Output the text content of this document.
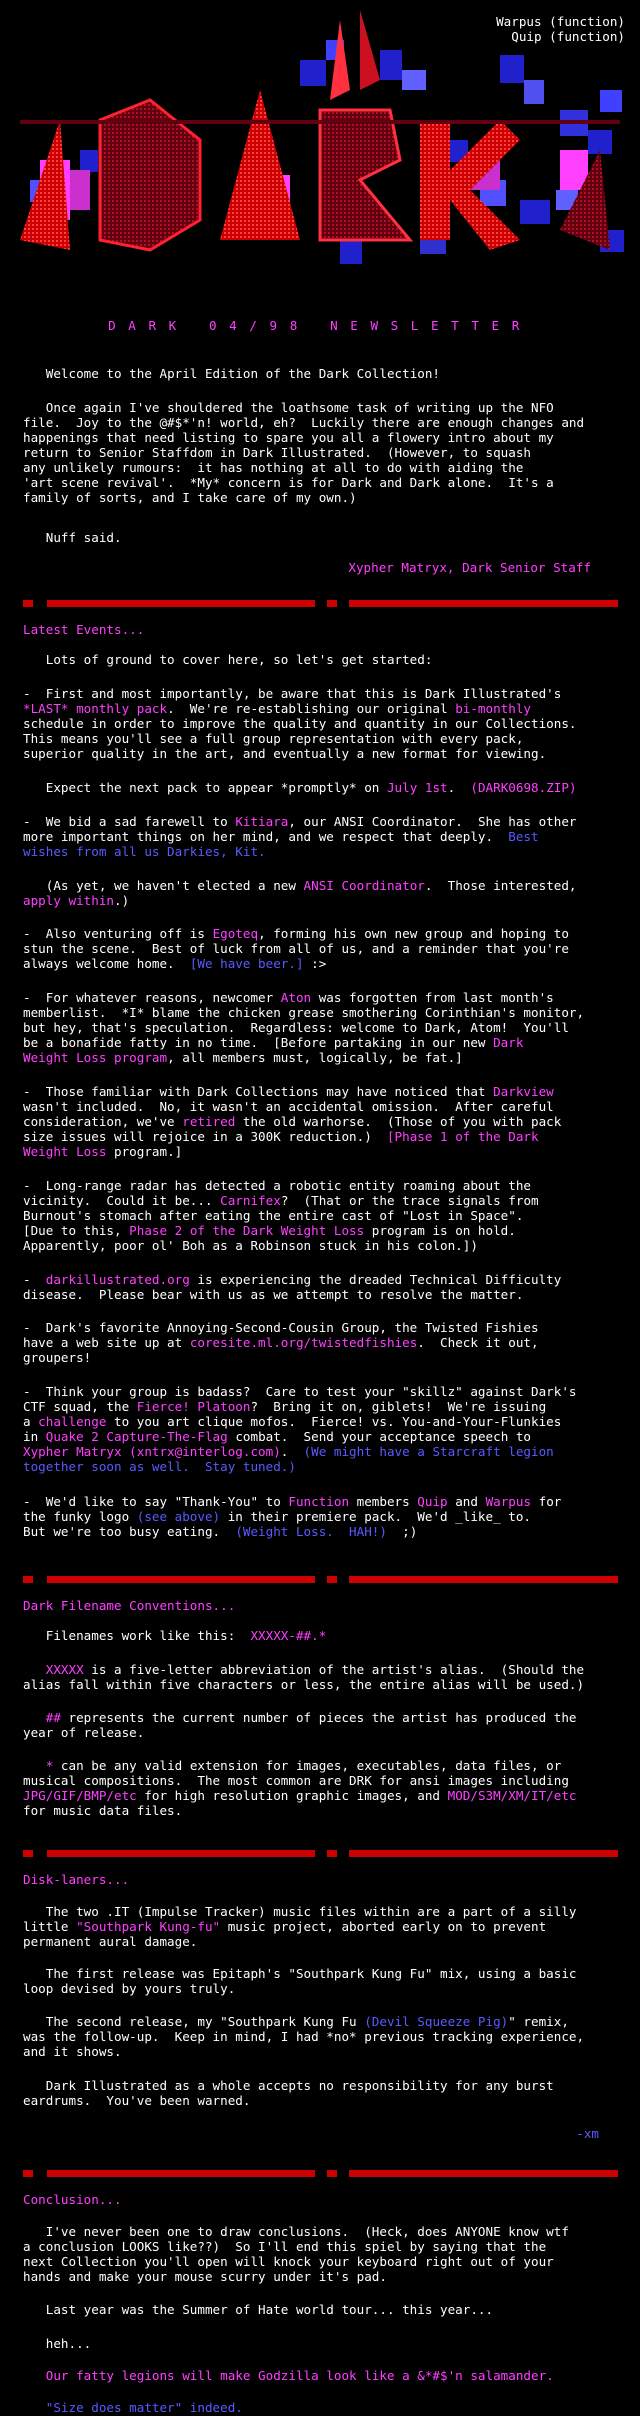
Warpus (function)
Quip (function)
DARK 04/98 NEWSLETTER
Welcome to the April Edition of the Dark Collection!
Once again I've shouldered the loathsome task of writing up the NFO
file.  Joy to the @#$*'n! world, eh?  Luckily there are enough changes and
happenings that need listing to spare you all a flowery intro about my
return to Senior Staffdom in Dark Illustrated.  (However, to squash
any unlikely rumours:  it has nothing at all to do with aiding the
'art scene revival'.  *My* concern is for Dark and Dark alone.  It's a
family of sorts, and I take care of my own.)
Nuff said.
Xypher Matryx, Dark Senior Staff
Latest Events...
Lots of ground to cover here, so let's get started:
-  First and most importantly, be aware that this is Dark Illustrated's
*LAST* monthly pack.  We're re-establishing our original bi-monthly
schedule in order to improve the quality and quantity in our Collections.
This means you'll see a full group representation with every pack,
superior quality in the art, and eventually a new format for viewing.
Expect the next pack to appear *promptly* on July 1st.  (DARK0698.ZIP)
-  We bid a sad farewell to Kitiara, our ANSI Coordinator.  She has other
more important things on her mind, and we respect that deeply.  Best
wishes from all us Darkies, Kit.
(As yet, we haven't elected a new ANSI Coordinator.  Those interested,
apply within.)
-  Also venturing off is Egoteq, forming his own new group and hoping to
stun the scene.  Best of luck from all of us, and a reminder that you're
always welcome home.  [We have beer.] :>
-  For whatever reasons, newcomer Aton was forgotten from last month's
memberlist.  *I* blame the chicken grease smothering Corinthian's monitor,
but hey, that's speculation.  Regardless: welcome to Dark, Atom!  You'll
be a bonafide fatty in no time.  [Before partaking in our new Dark
Weight Loss program, all members must, logically, be fat.]
-  Those familiar with Dark Collections may have noticed that Darkview
wasn't included.  No, it wasn't an accidental omission.  After careful
consideration, we've retired the old warhorse.  (Those of you with pack
size issues will rejoice in a 300K reduction.)  [Phase 1 of the Dark
Weight Loss program.]
-  Long-range radar has detected a robotic entity roaming about the
vicinity.  Could it be... Carnifex?  (That or the trace signals from
Burnout's stomach after eating the entire cast of "Lost in Space".
[Due to this, Phase 2 of the Dark Weight Loss program is on hold.
Apparently, poor ol' Boh as a Robinson stuck in his colon.])
-  darkillustrated.org is experiencing the dreaded Technical Difficulty
disease.  Please bear with us as we attempt to resolve the matter.
-  Dark's favorite Annoying-Second-Cousin Group, the Twisted Fishies
have a web site up at coresite.ml.org/twistedfishies.  Check it out,
groupers!
-  Think your group is badass?  Care to test your "skillz" against Dark's
CTF squad, the Fierce! Platoon?  Bring it on, giblets!  We're issuing
a challenge to you art clique mofos.  Fierce! vs. You-and-Your-Flunkies
in Quake 2 Capture-The-Flag combat.  Send your acceptance speech to
Xypher Matryx (xntrx@interlog.com).  (We might have a Starcraft legion
together soon as well.  Stay tuned.)
-  We'd like to say "Thank-You" to Function members Quip and Warpus for
the funky logo (see above) in their premiere pack.  We'd _like_ to.
But we're too busy eating.  (Weight Loss.  HAH!)  ;)
Dark Filename Conventions...
Filenames work like this:  XXXXX-##.*
XXXXX is a five-letter abbreviation of the artist's alias.  (Should the
alias fall within five characters or less, the entire alias will be used.)
## represents the current number of pieces the artist has produced the
year of release.
* can be any valid extension for images, executables, data files, or
musical compositions.  The most common are DRK for ansi images including
JPG/GIF/BMP/etc for high resolution graphic images, and MOD/S3M/XM/IT/etc
for music data files.
Disk-laners...
The two .IT (Impulse Tracker) music files within are a part of a silly
little "Southpark Kung-fu" music project, aborted early on to prevent
permanent aural damage.
The first release was Epitaph's "Southpark Kung Fu" mix, using a basic
loop devised by yours truly.
The second release, my "Southpark Kung Fu (Devil Squeeze Pig)" remix,
was the follow-up.  Keep in mind, I had *no* previous tracking experience,
and it shows.
Dark Illustrated as a whole accepts no responsibility for any burst
eardrums.  You've been warned.
-xm
Conclusion...
I've never been one to draw conclusions.  (Heck, does ANYONE know wtf
a conclusion LOOKS like??)  So I'll end this spiel by saying that the
next Collection you'll open will knock your keyboard right out of your
hands and make your mouse scurry under it's pad.
Last year was the Summer of Hate world tour... this year...
heh...
Our fatty legions will make Godzilla look like a &*#$'n salamander.
"Size does matter" indeed.
